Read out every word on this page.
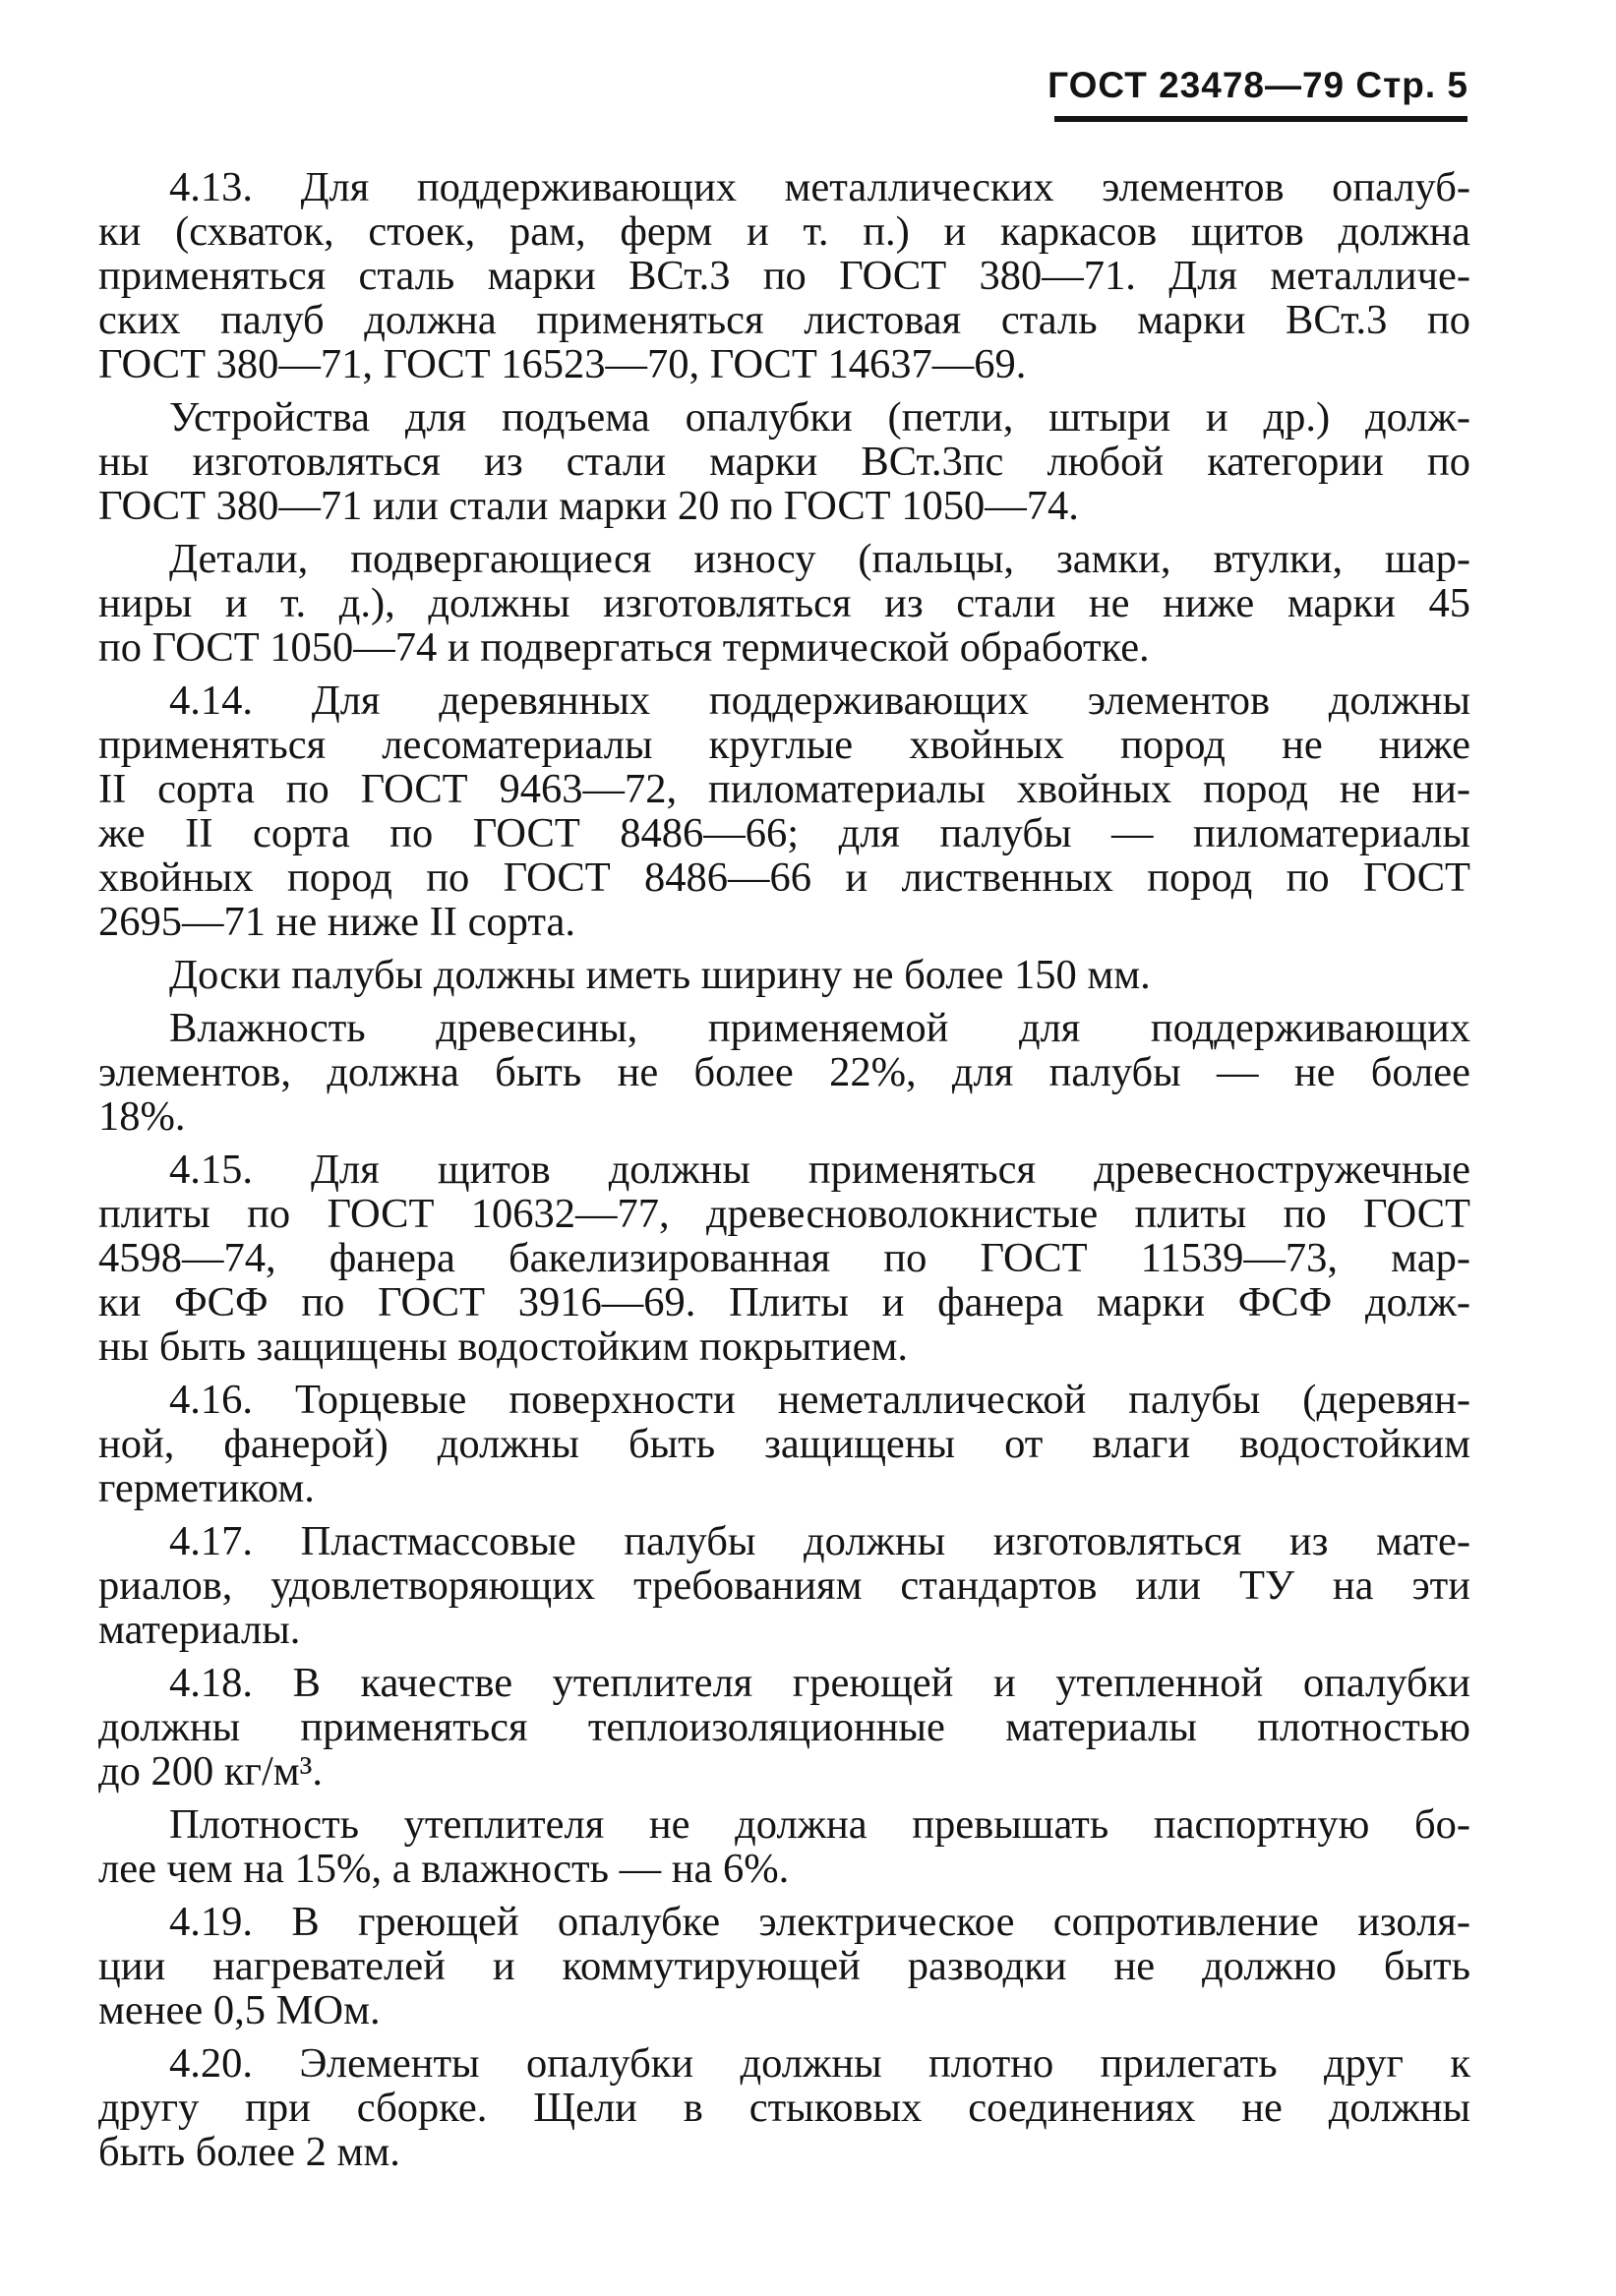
ГОСТ 23478—79 Стр. 5
4.13. Для поддерживающих металлических элементов опалуб-
ки (схваток, стоек, рам, ферм и т. п.) и каркасов щитов должна
применяться сталь марки ВСт.3 по ГОСТ 380—71. Для металличе-
ских палуб должна применяться листовая сталь марки ВСт.3 по
ГОСТ 380—71, ГОСТ 16523—70, ГОСТ 14637—69.
Устройства для подъема опалубки (петли, штыри и др.) долж-
ны изготовляться из стали марки ВСт.3пс любой категории по
ГОСТ 380—71 или стали марки 20 по ГОСТ 1050—74.
Детали, подвергающиеся износу (пальцы, замки, втулки, шар-
ниры и т. д.), должны изготовляться из стали не ниже марки 45
по ГОСТ 1050—74 и подвергаться термической обработке.
4.14. Для деревянных поддерживающих элементов должны
применяться лесоматериалы круглые хвойных пород не ниже
II сорта по ГОСТ 9463—72, пиломатериалы хвойных пород не ни-
же II сорта по ГОСТ 8486—66; для палубы — пиломатериалы
хвойных пород по ГОСТ 8486—66 и лиственных пород по ГОСТ
2695—71 не ниже II сорта.
Доски палубы должны иметь ширину не более 150 мм.
Влажность древесины, применяемой для поддерживающих
элементов, должна быть не более 22%, для палубы — не более
18%.
4.15. Для щитов должны применяться древесностружечные
плиты по ГОСТ 10632—77, древесноволокнистые плиты по ГОСТ
4598—74, фанера бакелизированная по ГОСТ 11539—73, мар-
ки ФСФ по ГОСТ 3916—69. Плиты и фанера марки ФСФ долж-
ны быть защищены водостойким покрытием.
4.16. Торцевые поверхности неметаллической палубы (деревян-
ной, фанерой) должны быть защищены от влаги водостойким
герметиком.
4.17. Пластмассовые палубы должны изготовляться из мате-
риалов, удовлетворяющих требованиям стандартов или ТУ на эти
материалы.
4.18. В качестве утеплителя греющей и утепленной опалубки
должны применяться теплоизоляционные материалы плотностью
до 200 кг/м³.
Плотность утеплителя не должна превышать паспортную бо-
лее чем на 15%, а влажность — на 6%.
4.19. В греющей опалубке электрическое сопротивление изоля-
ции нагревателей и коммутирующей разводки не должно быть
менее 0,5 МОм.
4.20. Элементы опалубки должны плотно прилегать друг к
другу при сборке. Щели в стыковых соединениях не должны
быть более 2 мм.
